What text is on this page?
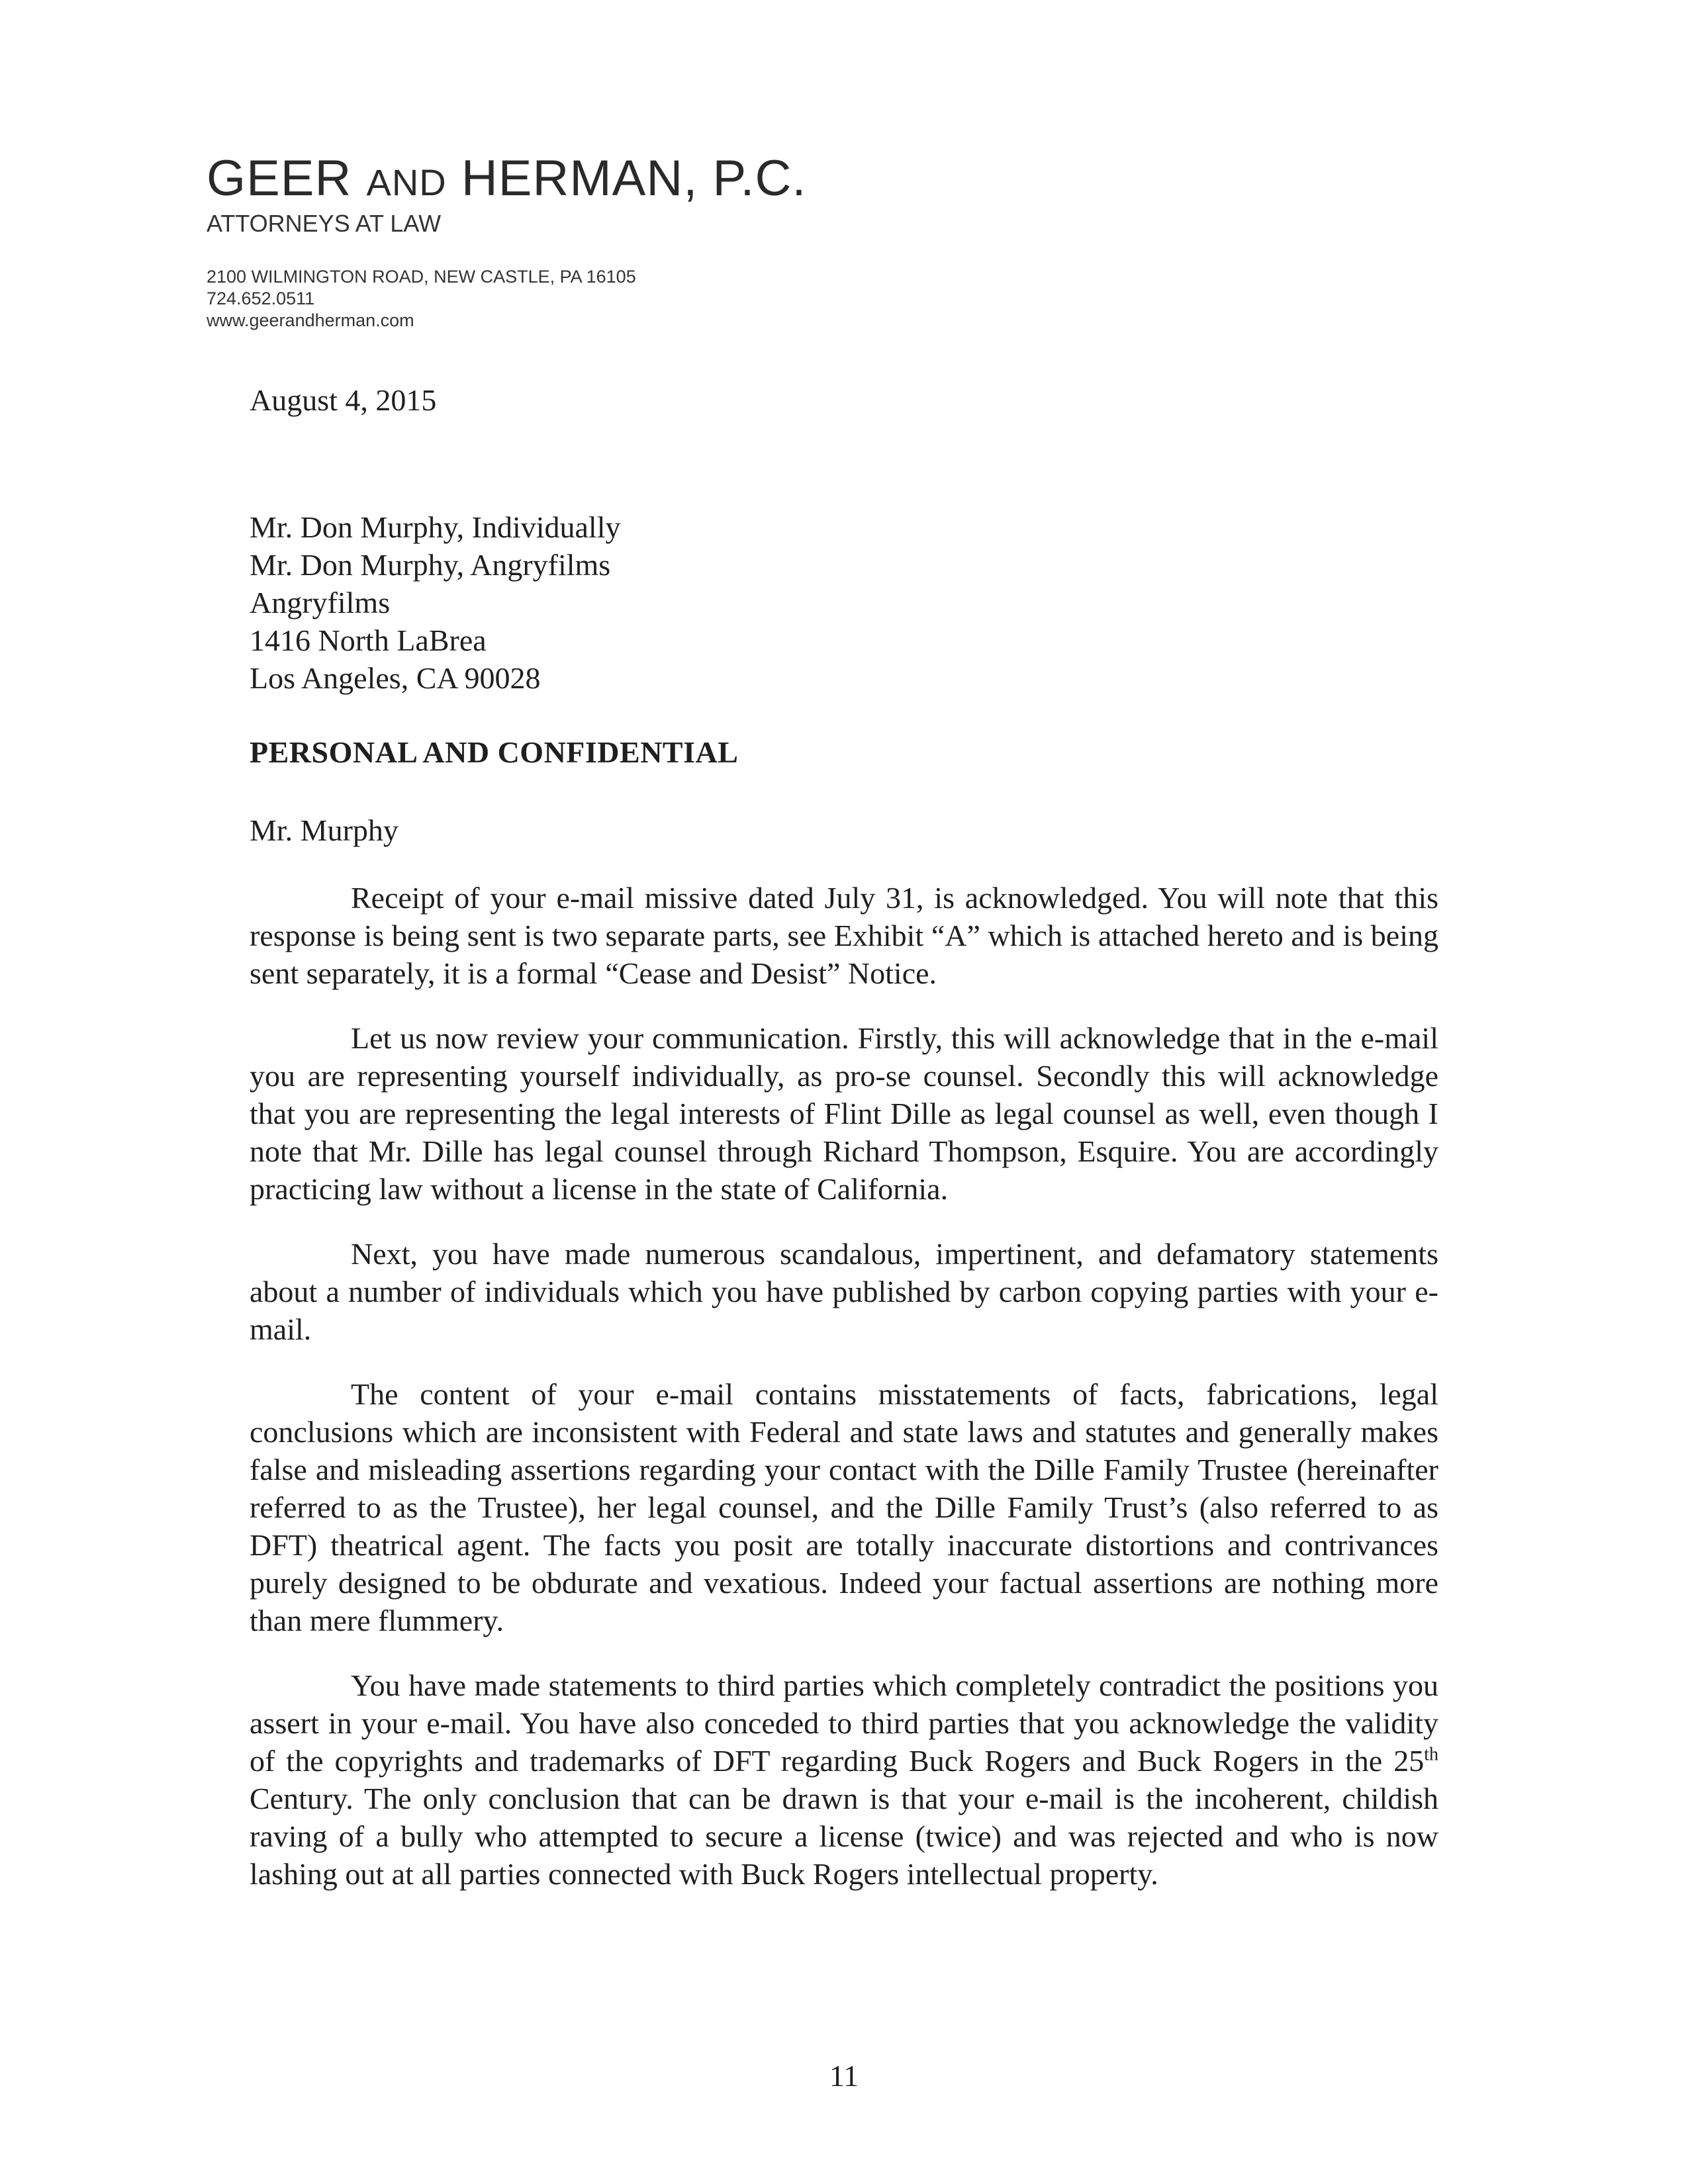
GEER AND HERMAN, P.C.
ATTORNEYS AT LAW
2100 WILMINGTON ROAD, NEW CASTLE, PA 16105
724.652.0511
www.geerandherman.com
August 4, 2015
Mr. Don Murphy, Individually
Mr. Don Murphy, Angryfilms
Angryfilms
1416 North LaBrea
Los Angeles, CA 90028
PERSONAL AND CONFIDENTIAL
Mr. Murphy

Receipt of your e-mail missive dated July 31, is acknowledged. You will note that this response is being sent is two separate parts, see Exhibit “A” which is attached hereto and is being sent separately, it is a formal “Cease and Desist” Notice.

Let us now review your communication. Firstly, this will acknowledge that in the e-mail you are representing yourself individually, as pro-se counsel. Secondly this will acknowledge that you are representing the legal interests of Flint Dille as legal counsel as well, even though I note that Mr. Dille has legal counsel through Richard Thompson, Esquire. You are accordingly practicing law without a license in the state of California.

Next, you have made numerous scandalous, impertinent, and defamatory statements about a number of individuals which you have published by carbon copying parties with your e-mail.

The content of your e-mail contains misstatements of facts, fabrications, legal conclusions which are inconsistent with Federal and state laws and statutes and generally makes false and misleading assertions regarding your contact with the Dille Family Trustee (hereinafter referred to as the Trustee), her legal counsel, and the Dille Family Trust’s (also referred to as DFT) theatrical agent. The facts you posit are totally inaccurate distortions and contrivances purely designed to be obdurate and vexatious. Indeed your factual assertions are nothing more than mere flummery.

You have made statements to third parties which completely contradict the positions you assert in your e-mail. You have also conceded to third parties that you acknowledge the validity of the copyrights and trademarks of DFT regarding Buck Rogers and Buck Rogers in the 25th Century. The only conclusion that can be drawn is that your e-mail is the incoherent, childish raving of a bully who attempted to secure a license (twice) and was rejected and who is now lashing out at all parties connected with Buck Rogers intellectual property.

11
